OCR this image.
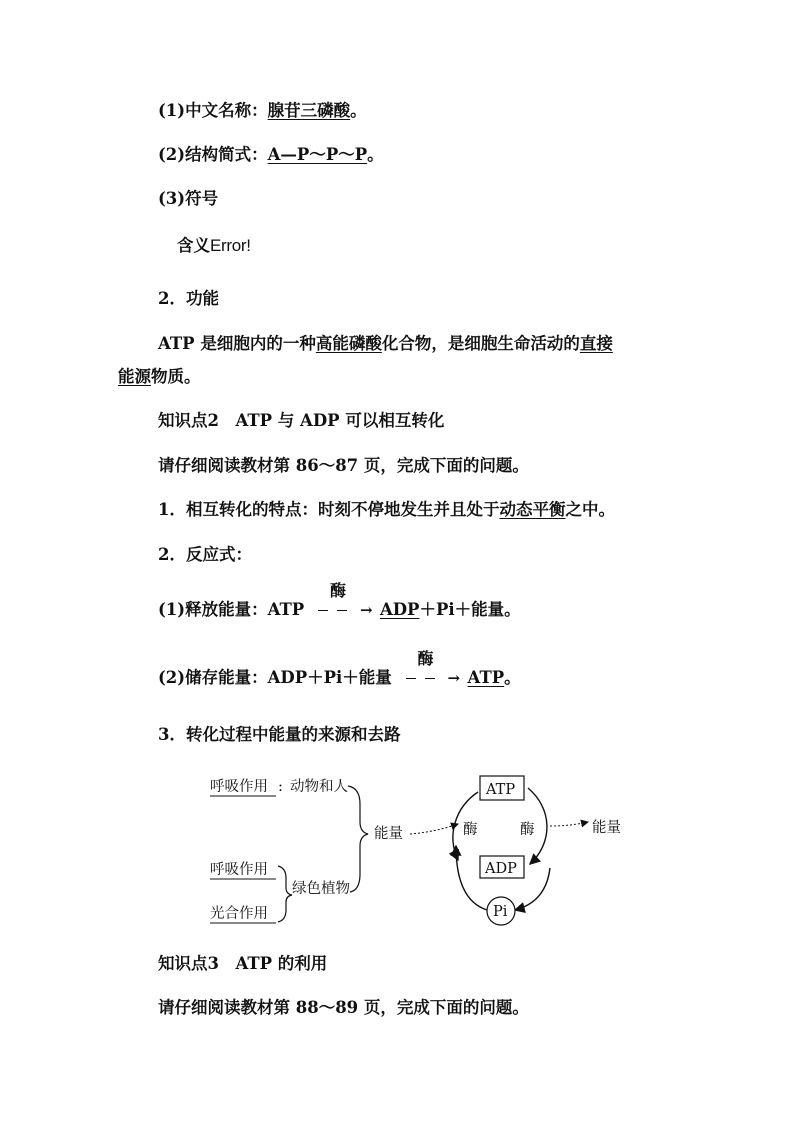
(1)中文名称：腺苷三磷酸。
(2)结构简式：A—P～P～P。
(3)符号
含义Error!
2．功能
ATP 是细胞内的一种高能磷酸化合物，是细胞生命活动的直接
能源物质。
知识点2　ATP 与 ADP 可以相互转化
请仔细阅读教材第 86～87 页，完成下面的问题。
1．相互转化的特点：时刻不停地发生并且处于动态平衡之中。
2．反应式：
(1)释放能量：ATP
酶
→ ADP＋Pi＋能量。
(2)储存能量：ADP＋Pi＋能量
酶
→ ATP。
3．转化过程中能量的来源和去路
呼吸作用 : 动物和人
呼吸作用
光合作用
绿色植物
能量
ATP
酶	酶	能量
ADP
Pi
知识点3　ATP 的利用
请仔细阅读教材第 88～89 页，完成下面的问题。
